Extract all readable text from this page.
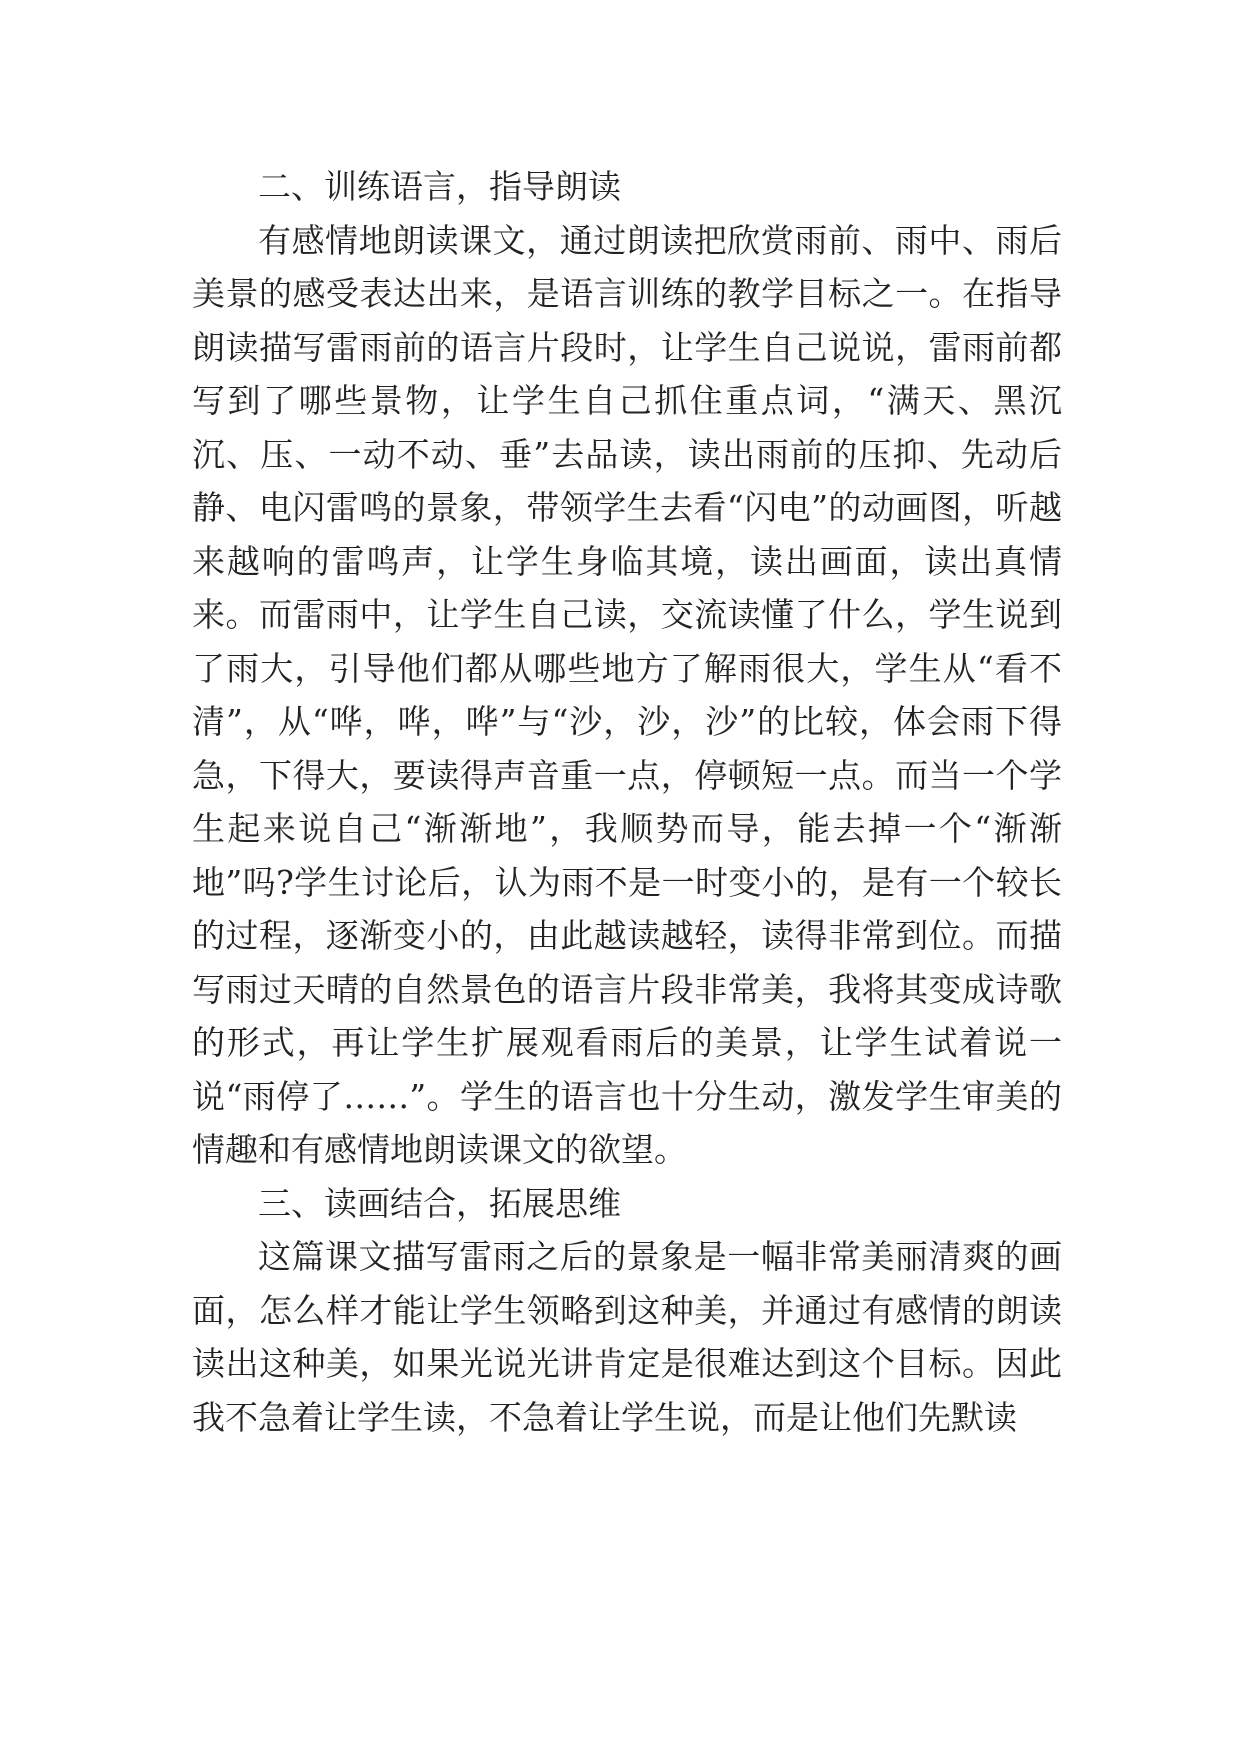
二、训练语言，指导朗读

有感情地朗读课文，通过朗读把欣赏雨前、雨中、雨后美景的感受表达出来，是语言训练的教学目标之一。在指导朗读描写雷雨前的语言片段时，让学生自己说说，雷雨前都写到了哪些景物，让学生自己抓住重点词，“满天、黑沉沉、压、一动不动、垂”去品读，读出雨前的压抑、先动后静、电闪雷鸣的景象，带领学生去看“闪电”的动画图，听越来越响的雷鸣声，让学生身临其境，读出画面，读出真情来。而雷雨中，让学生自己读，交流读懂了什么，学生说到了雨大，引导他们都从哪些地方了解雨很大，学生从“看不清”，从“哗，哗，哗”与“沙，沙，沙”的比较，体会雨下得急，下得大，要读得声音重一点，停顿短一点。而当一个学生起来说自己“渐渐地”，我顺势而导，能去掉一个“渐渐地”吗?学生讨论后，认为雨不是一时变小的，是有一个较长的过程，逐渐变小的，由此越读越轻，读得非常到位。而描写雨过天晴的自然景色的语言片段非常美，我将其变成诗歌的形式，再让学生扩展观看雨后的美景，让学生试着说一说“雨停了……”。学生的语言也十分生动，激发学生审美的情趣和有感情地朗读课文的欲望。

三、读画结合，拓展思维

这篇课文描写雷雨之后的景象是一幅非常美丽清爽的画面，怎么样才能让学生领略到这种美，并通过有感情的朗读读出这种美，如果光说光讲肯定是很难达到这个目标。因此我不急着让学生读，不急着让学生说，而是让他们先默读
